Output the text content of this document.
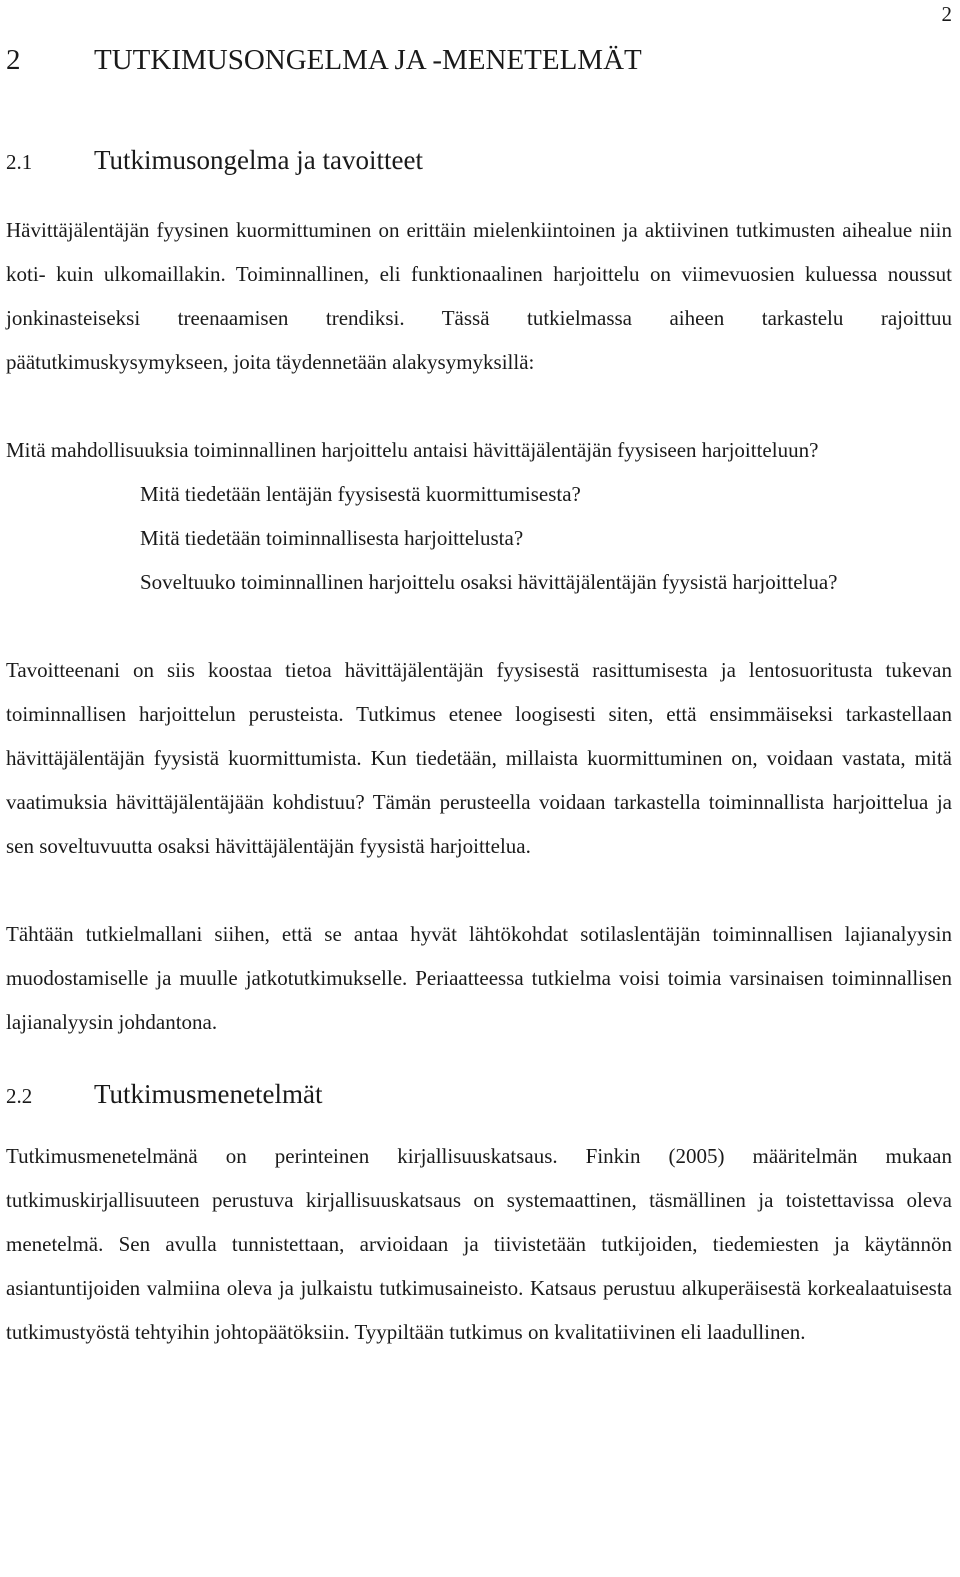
2
2	TUTKIMUSONGELMA JA -MENETELMÄT
2.1	Tutkimusongelma ja tavoitteet

Hävittäjälentäjän fyysinen kuormittuminen on erittäin mielenkiintoinen ja aktiivinen tutkimusten aihealue niin koti- kuin ulkomaillakin. Toiminnallinen, eli funktionaalinen harjoittelu on viimevuosien kuluessa noussut jonkinasteiseksi treenaamisen trendiksi. Tässä tutkielmassa aiheen tarkastelu rajoittuu päätutkimuskysymykseen, joita täydennetään alakysymyksillä:

Mitä mahdollisuuksia toiminnallinen harjoittelu antaisi hävittäjälentäjän fyysiseen harjoitteluun?

Mitä tiedetään lentäjän fyysisestä kuormittumisesta?

Mitä tiedetään toiminnallisesta harjoittelusta?

Soveltuuko toiminnallinen harjoittelu osaksi hävittäjälentäjän fyysistä harjoittelua?

Tavoitteenani on siis koostaa tietoa hävittäjälentäjän fyysisestä rasittumisesta ja lentosuoritusta tukevan toiminnallisen harjoittelun perusteista. Tutkimus etenee loogisesti siten, että ensimmäiseksi tarkastellaan hävittäjälentäjän fyysistä kuormittumista. Kun tiedetään, millaista kuormittuminen on, voidaan vastata, mitä vaatimuksia hävittäjälentäjään kohdistuu? Tämän perusteella voidaan tarkastella toiminnallista harjoittelua ja sen soveltuvuutta osaksi hävittäjälentäjän fyysistä harjoittelua.

Tähtään tutkielmallani siihen, että se antaa hyvät lähtökohdat sotilaslentäjän toiminnallisen lajianalyysin muodostamiselle ja muulle jatkotutkimukselle. Periaatteessa tutkielma voisi toimia varsinaisen toiminnallisen lajianalyysin johdantona.

2.2	Tutkimusmenetelmät

Tutkimusmenetelmänä on perinteinen kirjallisuuskatsaus. Finkin (2005) määritelmän mukaan tutkimuskirjallisuuteen perustuva kirjallisuuskatsaus on systemaattinen, täsmällinen ja toistettavissa oleva menetelmä. Sen avulla tunnistettaan, arvioidaan ja tiivistetään tutkijoiden, tiedemiesten ja käytännön asiantuntijoiden valmiina oleva ja julkaistu tutkimusaineisto. Katsaus perustuu alkuperäisestä korkealaatuisesta tutkimustyöstä tehtyihin johtopäätöksiin. Tyypiltään tutkimus on kvalitatiivinen eli laadullinen.
